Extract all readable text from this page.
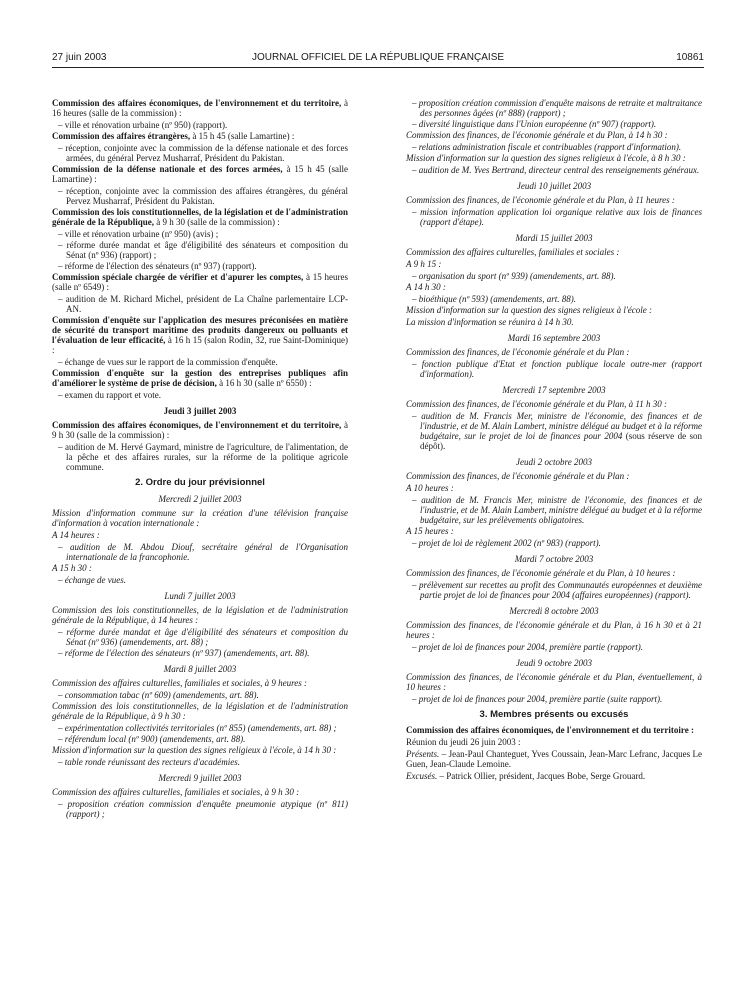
27 juin 2003	JOURNAL OFFICIEL DE LA RÉPUBLIQUE FRANÇAISE	10861

Commission des affaires économiques, de l'environnement et du territoire, à 16 heures (salle de la commission) :

– ville et rénovation urbaine (nº 950) (rapport).

Commission des affaires étrangères, à 15 h 45 (salle Lamartine) :

– réception, conjointe avec la commission de la défense nationale et des forces armées, du général Pervez Musharraf, Président du Pakistan.

Commission de la défense nationale et des forces armées, à 15 h 45 (salle Lamartine) :

– réception, conjointe avec la commission des affaires étrangères, du général Pervez Musharraf, Président du Pakistan.

Commission des lois constitutionnelles, de la législation et de l'administration générale de la République, à 9 h 30 (salle de la commission) :

– ville et rénovation urbaine (nº 950) (avis) ;

– réforme durée mandat et âge d'éligibilité des sénateurs et composition du Sénat (nº 936) (rapport) ;

– réforme de l'élection des sénateurs (nº 937) (rapport).

Commission spéciale chargée de vérifier et d'apurer les comptes, à 15 heures (salle nº 6549) :

– audition de M. Richard Michel, président de La Chaîne parlementaire LCP-AN.

Commission d'enquête sur l'application des mesures préconisées en matière de sécurité du transport maritime des produits dangereux ou polluants et l'évaluation de leur efficacité, à 16 h 15 (salon Rodin, 32, rue Saint-Dominique) :

– échange de vues sur le rapport de la commission d'enquête.

Commission d'enquête sur la gestion des entreprises publiques afin d'améliorer le système de prise de décision, à 16 h 30 (salle nº 6550) :

– examen du rapport et vote.

Jeudi 3 juillet 2003

Commission des affaires économiques, de l'environnement et du territoire, à 9 h 30 (salle de la commission) :

– audition de M. Hervé Gaymard, ministre de l'agriculture, de l'alimentation, de la pêche et des affaires rurales, sur la réforme de la politique agricole commune.

2. Ordre du jour prévisionnel

Mercredi 2 juillet 2003

Mission d'information commune sur la création d'une télévision française d'information à vocation internationale :

A 14 heures :

– audition de M. Abdou Diouf, secrétaire général de l'Organisation internationale de la francophonie.

A 15 h 30 :

– échange de vues.

Lundi 7 juillet 2003

Commission des lois constitutionnelles, de la législation et de l'administration générale de la République, à 14 heures :

– réforme durée mandat et âge d'éligibilité des sénateurs et composition du Sénat (nº 936) (amendements, art. 88) ;

– réforme de l'élection des sénateurs (nº 937) (amendements, art. 88).

Mardi 8 juillet 2003

Commission des affaires culturelles, familiales et sociales, à 9 heures :

– consommation tabac (nº 609) (amendements, art. 88).

Commission des lois constitutionnelles, de la législation et de l'administration générale de la République, à 9 h 30 :

– expérimentation collectivités territoriales (nº 855) (amendements, art. 88) ;

– référendum local (nº 900) (amendements, art. 88).

Mission d'information sur la question des signes religieux à l'école, à 14 h 30 :

– table ronde réunissant des recteurs d'académies.

Mercredi 9 juillet 2003

Commission des affaires culturelles, familiales et sociales, à 9 h 30 :

– proposition création commission d'enquête pneumonie atypique (nº 811) (rapport) ;

– proposition création commission d'enquête maisons de retraite et maltraitance des personnes âgées (nº 888) (rapport) ;

– diversité linguistique dans l'Union européenne (nº 907) (rapport).

Commission des finances, de l'économie générale et du Plan, à 14 h 30 :

– relations administration fiscale et contribuables (rapport d'information).

Mission d'information sur la question des signes religieux à l'école, à 8 h 30 :

– audition de M. Yves Bertrand, directeur central des renseignements généraux.

Jeudi 10 juillet 2003

Commission des finances, de l'économie générale et du Plan, à 11 heures :

– mission information application loi organique relative aux lois de finances (rapport d'étape).

Mardi 15 juillet 2003

Commission des affaires culturelles, familiales et sociales :

A 9 h 15 :

– organisation du sport (nº 939) (amendements, art. 88).

A 14 h 30 :

– bioéthique (nº 593) (amendements, art. 88).

Mission d'information sur la question des signes religieux à l'école :

La mission d'information se réunira à 14 h 30.

Mardi 16 septembre 2003

Commission des finances, de l'économie générale et du Plan :

– fonction publique d'Etat et fonction publique locale outre-mer (rapport d'information).

Mercredi 17 septembre 2003

Commission des finances, de l'économie générale et du Plan, à 11 h 30 :

– audition de M. Francis Mer, ministre de l'économie, des finances et de l'industrie, et de M. Alain Lambert, ministre délégué au budget et à la réforme budgétaire, sur le projet de loi de finances pour 2004 (sous réserve de son dépôt).

Jeudi 2 octobre 2003

Commission des finances, de l'économie générale et du Plan :

A 10 heures :

– audition de M. Francis Mer, ministre de l'économie, des finances et de l'industrie, et de M. Alain Lambert, ministre délégué au budget et à la réforme budgétaire, sur les prélèvements obligatoires.

A 15 heures :

– projet de loi de règlement 2002 (nº 983) (rapport).

Mardi 7 octobre 2003

Commission des finances, de l'économie générale et du Plan, à 10 heures :

– prélèvement sur recettes au profit des Communautés européennes et deuxième partie projet de loi de finances pour 2004 (affaires européennes) (rapport).

Mercredi 8 octobre 2003

Commission des finances, de l'économie générale et du Plan, à 16 h 30 et à 21 heures :

– projet de loi de finances pour 2004, première partie (rapport).

Jeudi 9 octobre 2003

Commission des finances, de l'économie générale et du Plan, éventuellement, à 10 heures :

– projet de loi de finances pour 2004, première partie (suite rapport).

3. Membres présents ou excusés

Commission des affaires économiques, de l'environnement et du territoire :

Réunion du jeudi 26 juin 2003 :

Présents. – Jean-Paul Chanteguet, Yves Coussain, Jean-Marc Lefranc, Jacques Le Guen, Jean-Claude Lemoine.

Excusés. – Patrick Ollier, président, Jacques Bobe, Serge Grouard.
